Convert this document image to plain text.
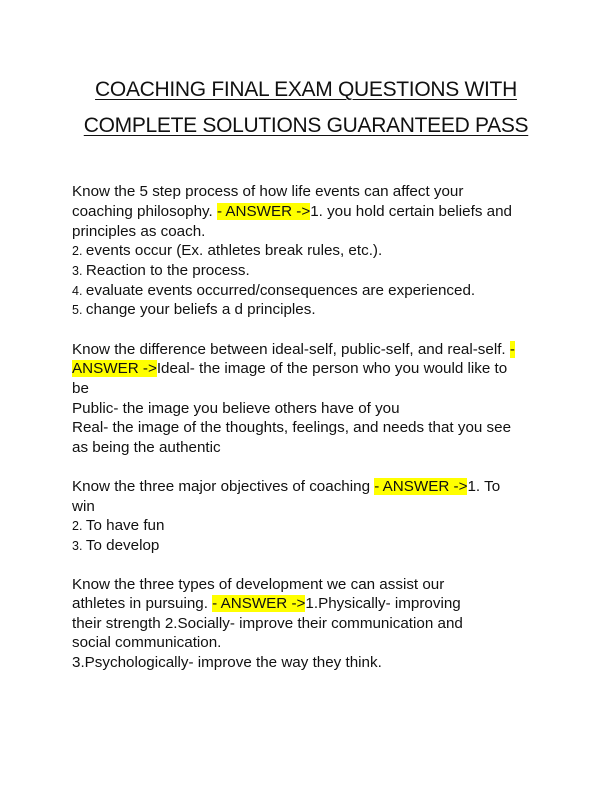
COACHING FINAL EXAM QUESTIONS WITH
COMPLETE SOLUTIONS GUARANTEED PASS
Know the 5 step process of how life events can affect your
coaching philosophy. - ANSWER ->1. you hold certain beliefs and
principles as coach.
2. events occur (Ex. athletes break rules, etc.).
3. Reaction to the process.
4. evaluate events occurred/consequences are experienced.
5. change your beliefs a d principles.
Know the difference between ideal-self, public-self, and real-self. -
ANSWER ->Ideal- the image of the person who you would like to
be
Public- the image you believe others have of you
Real- the image of the thoughts, feelings, and needs that you see
as being the authentic
Know the three major objectives of coaching - ANSWER ->1. To
win
2. To have fun
3. To develop
Know the three types of development we can assist our
athletes in pursuing. - ANSWER ->1.Physically- improving
their strength 2.Socially- improve their communication and
social communication.
3.Psychologically- improve the way they think.
